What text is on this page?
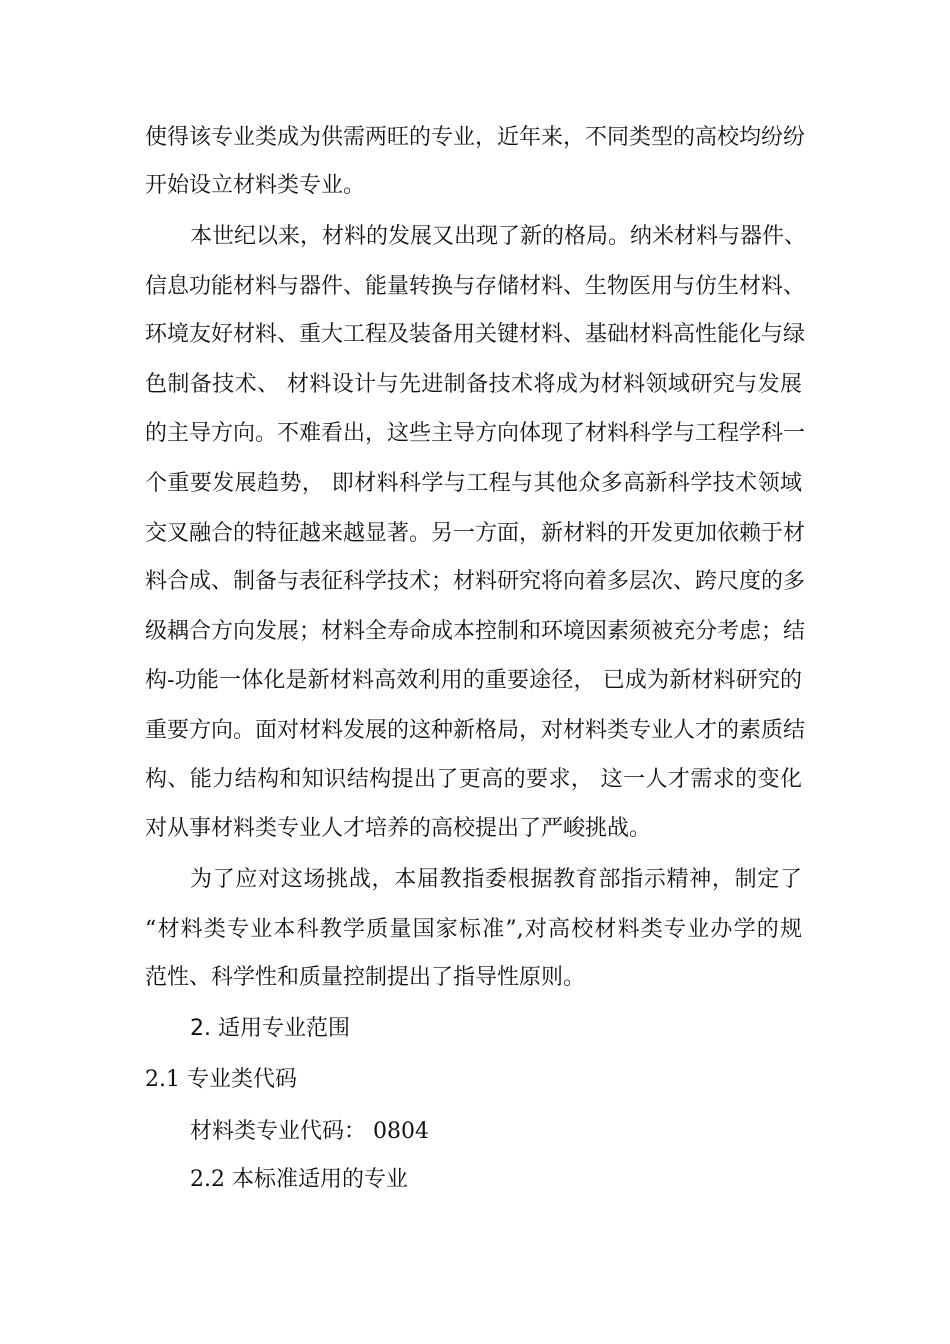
使得该专业类成为供需两旺的专业，近年来，不同类型的高校均纷纷
开始设立材料类专业。
本世纪以来，材料的发展又出现了新的格局。纳米材料与器件、
信息功能材料与器件、能量转换与存储材料、生物医用与仿生材料、
环境友好材料、重大工程及装备用关键材料、基础材料高性能化与绿
色制备技术、 材料设计与先进制备技术将成为材料领域研究与发展
的主导方向。不难看出，这些主导方向体现了材料科学与工程学科一
个重要发展趋势， 即材料科学与工程与其他众多高新科学技术领域
交叉融合的特征越来越显著。另一方面，新材料的开发更加依赖于材
料合成、制备与表征科学技术；材料研究将向着多层次、跨尺度的多
级耦合方向发展；材料全寿命成本控制和环境因素须被充分考虑；结
构-功能一体化是新材料高效利用的重要途径， 已成为新材料研究的
重要方向。面对材料发展的这种新格局，对材料类专业人才的素质结
构、能力结构和知识结构提出了更高的要求， 这一人才需求的变化
对从事材料类专业人才培养的高校提出了严峻挑战。
为了应对这场挑战，本届教指委根据教育部指示精神，制定了
“材料类专业本科教学质量国家标准”,对高校材料类专业办学的规
范性、科学性和质量控制提出了指导性原则。
2. 适用专业范围
2.1 专业类代码
材料类专业代码： 0804
2.2 本标准适用的专业
